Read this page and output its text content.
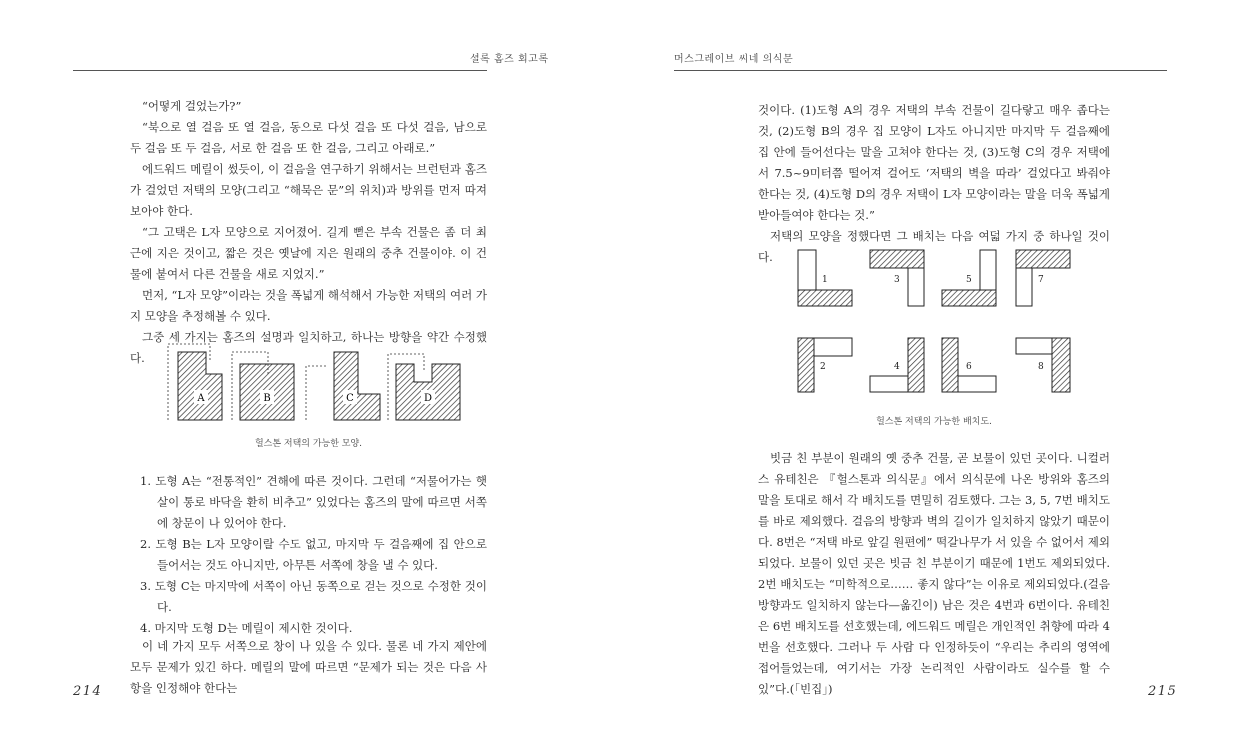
셜록 홈즈 회고록

“어떻게 걸었는가?”

“북으로 열 걸음 또 열 걸음, 동으로 다섯 걸음 또 다섯 걸음, 남으로 두 걸음 또 두 걸음, 서로 한 걸음 또 한 걸음, 그리고 아래로.”

에드워드 메릴이 썼듯이, 이 걸음을 연구하기 위해서는 브런턴과 홈즈가 걸었던 저택의 모양(그리고 “해묵은 문”의 위치)과 방위를 먼저 따져보아야 한다.

“그 고택은 L자 모양으로 지어졌어. 길게 뻗은 부속 건물은 좀 더 최근에 지은 것이고, 짧은 것은 옛날에 지은 원래의 중추 건물이야. 이 건물에 붙여서 다른 건물을 새로 지었지.”

먼저, “L자 모양”이라는 것을 폭넓게 해석해서 가능한 저택의 여러 가지 모양을 추정해볼 수 있다.

그중 세 가지는 홈즈의 설명과 일치하고, 하나는 방향을 약간 수정했다.

A	B	C	D
헐스톤 저택의 가능한 모양.
1. 도형 A는 “전통적인” 견해에 따른 것이다. 그런데 “저물어가는 햇살이 통로 바닥을 환히 비추고” 있었다는 홈즈의 말에 따르면 서쪽에 창문이 나 있어야 한다.
2. 도형 B는 L자 모양이랄 수도 없고, 마지막 두 걸음째에 집 안으로 들어서는 것도 아니지만, 아무튼 서쪽에 창을 낼 수 있다.
3. 도형 C는 마지막에 서쪽이 아닌 동쪽으로 걷는 것으로 수정한 것이다.
4. 마지막 도형 D는 메릴이 제시한 것이다.

이 네 가지 모두 서쪽으로 창이 나 있을 수 있다. 물론 네 가지 제안에 모두 문제가 있긴 하다. 메릴의 말에 따르면 “문제가 되는 것은 다음 사항을 인정해야 한다는

214
머스그레이브 씨네 의식문

것이다. (1)도형 A의 경우 저택의 부속 건물이 길다랗고 매우 좁다는 것, (2)도형 B의 경우 집 모양이 L자도 아니지만 마지막 두 걸음째에 집 안에 들어선다는 말을 고쳐야 한다는 것, (3)도형 C의 경우 저택에서 7.5~9미터쯤 떨어져 걸어도 ‘저택의 벽을 따라’ 걸었다고 봐줘야 한다는 것, (4)도형 D의 경우 저택이 L자 모양이라는 말을 더욱 폭넓게 받아들여야 한다는 것.”

저택의 모양을 정했다면 그 배치는 다음 여덟 가지 중 하나일 것이다.

1	3	5	7
2	4	6	8
헐스톤 저택의 가능한 배치도.

빗금 친 부분이 원래의 옛 중추 건물, 곧 보물이 있던 곳이다. 니컬러스 유테친은 『헐스톤과 의식문』에서 의식문에 나온 방위와 홈즈의 말을 토대로 해서 각 배치도를 면밀히 검토했다. 그는 3, 5, 7번 배치도를 바로 제외했다. 걸음의 방향과 벽의 길이가 일치하지 않았기 때문이다. 8번은 “저택 바로 앞길 원편에” 떡갈나무가 서 있을 수 없어서 제외되었다. 보물이 있던 곳은 빗금 친 부분이기 때문에 1번도 제외되었다. 2번 배치도는 “미학적으로…… 좋지 않다”는 이유로 제외되었다.(걸음 방향과도 일치하지 않는다—옮긴이) 남은 것은 4번과 6번이다. 유테친은 6번 배치도를 선호했는데, 에드워드 메릴은 개인적인 취향에 따라 4번을 선호했다. 그러나 두 사람 다 인정하듯이 “우리는 추리의 영역에 접어들었는데, 여기서는 가장 논리적인 사람이라도 실수를 할 수 있”다.(「빈집」)	215
